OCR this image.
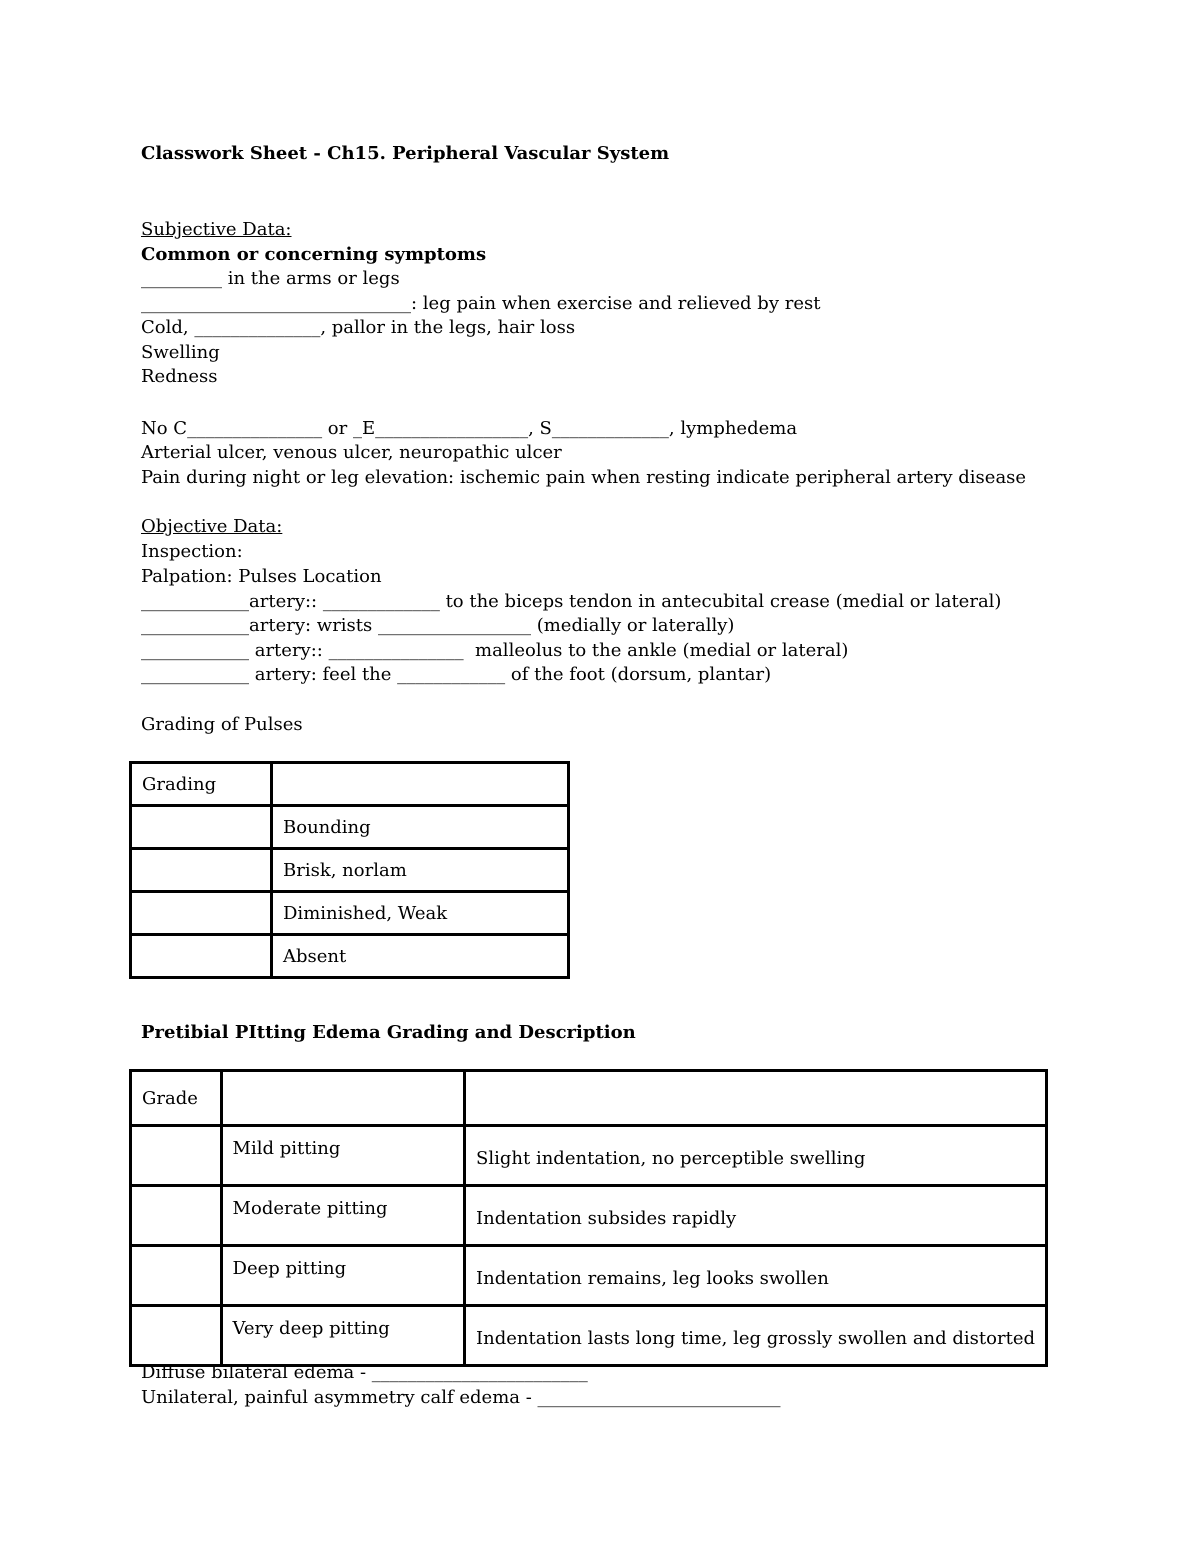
Classwork Sheet - Ch15. Peripheral Vascular System
Subjective Data:
Common or concerning symptoms
_________ in the arms or legs
______________________________: leg pain when exercise and relieved by rest
Cold, ______________, pallor in the legs, hair loss
Swelling
Redness
No C_______________ or _E_________________, S_____________, lymphedema
Arterial ulcer, venous ulcer, neuropathic ulcer
Pain during night or leg elevation: ischemic pain when resting indicate peripheral artery disease
Objective Data:
Inspection:
Palpation: Pulses Location
____________artery:: _____________ to the biceps tendon in antecubital crease (medial or lateral)
____________artery: wrists _________________ (medially or laterally)
____________ artery:: _______________  malleolus to the ankle (medial or lateral)
____________ artery: feel the ____________ of the foot (dorsum, plantar)
Grading of Pulses
Grading	
	Bounding
	Brisk, norlam
	Diminished, Weak
	Absent
Pretibial PItting Edema Grading and Description
Grade		
	Mild pitting	Slight indentation, no perceptible swelling
	Moderate pitting	Indentation subsides rapidly
	Deep pitting	Indentation remains, leg looks swollen
	Very deep pitting	Indentation lasts long time, leg grossly swollen and distorted
Diffuse bilateral edema - ________________________
Unilateral, painful asymmetry calf edema - ___________________________
